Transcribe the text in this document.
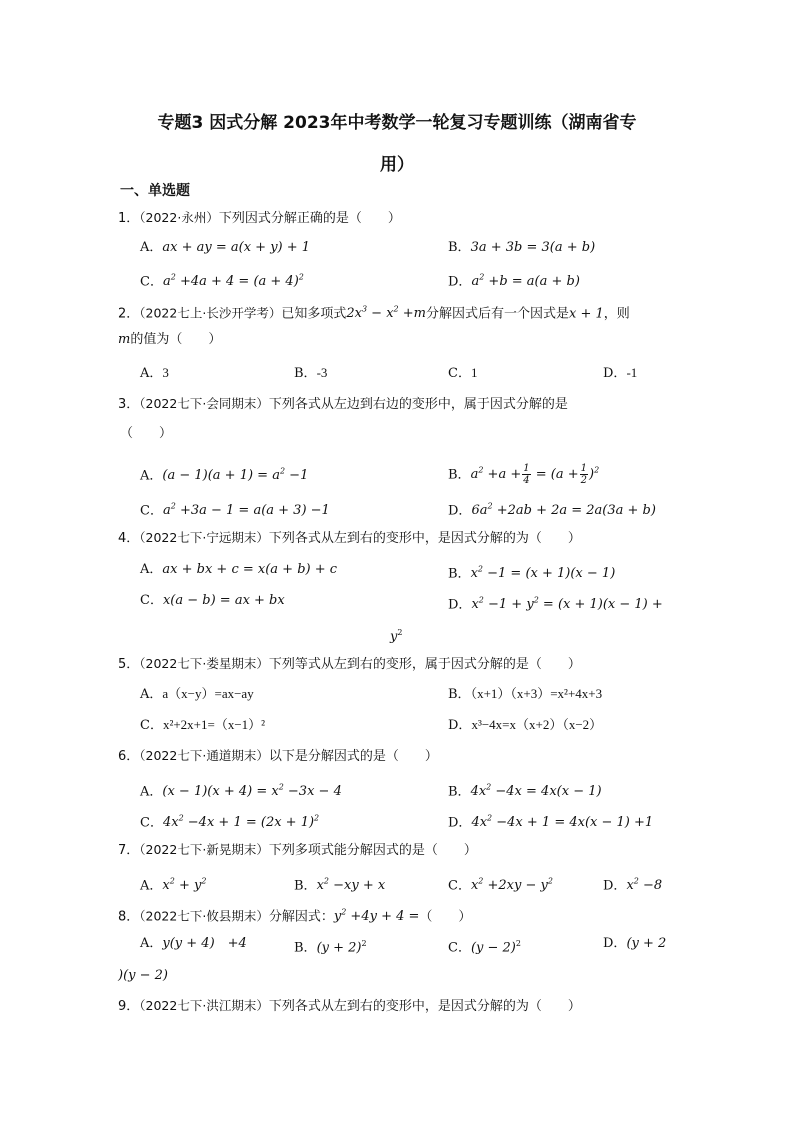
专题3 因式分解 2023年中考数学一轮复习专题训练（湖南省专
用）
一、单选题
1．（2022·永州）下列因式分解正确的是（　　）
A．ax + ay = a(x + y) + 1	B．3a + 3b = 3(a + b)
C．$a^2 +4a + 4 = (a + 4)^2$	D．$a^2 +b = a(a + b)$
2．（2022七上·长沙开学考）已知多项式$2x^3 - x^2 +m$分解因式后有一个因式是x + 1，则
m的值为（　　）
A．3	B．-3	C．1	D．-1
3．（2022七下·会同期末）下列各式从左边到右边的变形中，属于因式分解的是
（　　）
A．$(a - 1)(a + 1) = a^2 -1$	B．$a^2 +a + \frac{1}{4} = (a + \frac{1}{2} )^2$
C．$a^2 +3a - 1 = a(a + 3) -1$	D．$6a^2 +2ab + 2a = 2a(3a + b)$
4．（2022七下·宁远期末）下列各式从左到右的变形中，是因式分解的为（　　）
A．ax + bx + c = x(a + b) + c	B．$x^2 -1 = (x + 1)(x - 1)$
C．x(a − b) = ax + bx	D．$x^2 -1 + y^2 = (x + 1)(x - 1)$ +
$y^2$
5．（2022七下·娄星期末）下列等式从左到右的变形，属于因式分解的是（　　）
A．a（x−y）=ax−ay	B．（x+1）（x+3）=x²+4x+3
C．x²+2x+1=（x−1）²	D．x³−4x=x（x+2）（x−2）
6．（2022七下·通道期末）以下是分解因式的是（　　）
A．$(x - 1)(x + 4) = x^2 -3x - 4$	B．$4x^2 -4x = 4x(x - 1)$
C．$4x^2 -4x + 1 = (2x + 1)^2$	D．$4x^2 -4x + 1 = 4x(x - 1) +1$
7．（2022七下·新晃期末）下列多项式能分解因式的是（　　）
A．$x^2 + y^2$	B．$x^2 -xy + x$	C．$x^2 +2xy - y^2$	D．$x^2 -8$
8．（2022七下·攸县期末）分解因式：$y^2 +4y + 4$ =（　　）
A．y(y + 4)　+4	B．$(y + 2)^2$	C．$(y - 2)^2$	D．(y + 2
)(y − 2)
9．（2022七下·洪江期末）下列各式从左到右的变形中，是因式分解的为（　　）
